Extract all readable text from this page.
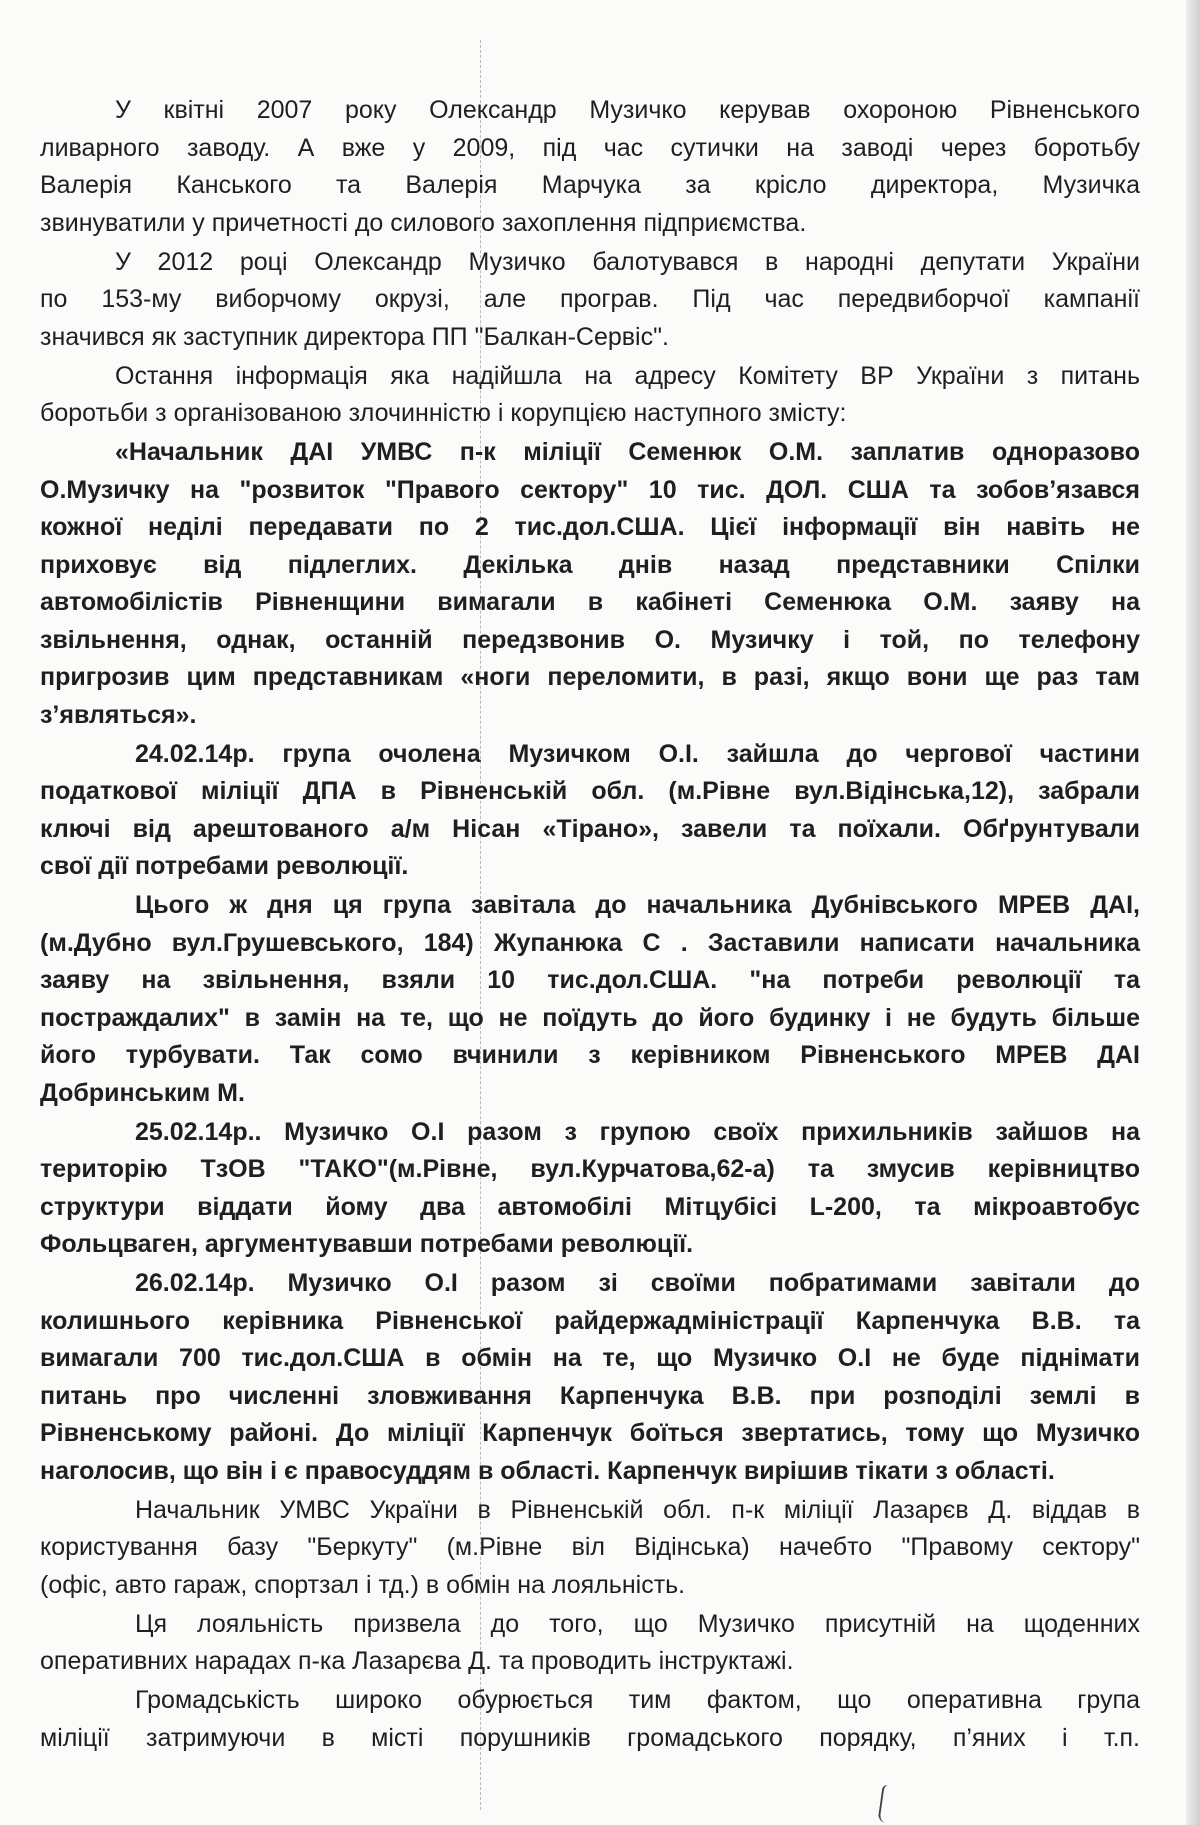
У квітні 2007 року Олександр Музичко керував охороною Рівненського
ливарного заводу. А вже у 2009, під час сутички на заводі через боротьбу
Валерія Канського та Валерія Марчука за крісло директора, Музичка
звинуватили у причетності до силового захоплення підприємства.
У 2012 році Олександр Музичко балотувався в народні депутати України
по 153-му виборчому окрузі, але програв. Під час передвиборчої кампанії
значився як заступник директора ПП "Балкан-Сервіс".
Остання інформація яка надійшла на адресу Комітету ВР України з питань
боротьби з організованою злочинністю і корупцією наступного змісту:
«Начальник ДАІ УМВС п-к міліції Семенюк О.М. заплатив одноразово
О.Музичку на "розвиток "Правого сектору" 10 тис. ДОЛ. США та зобов’язався
кожної неділі передавати по 2 тис.дол.США. Цієї інформації він навіть не
приховує від підлеглих. Декілька днів назад представники Спілки
автомобілістів Рівненщини вимагали в кабінеті Семенюка О.М. заяву на
звільнення, однак, останній передзвонив О. Музичку і той, по телефону
пригрозив цим представникам «ноги переломити, в разі, якщо вони ще раз там
з’являться».
24.02.14р. група очолена Музичком О.І. зайшла до чергової частини
податкової міліції ДПА в Рівненській обл. (м.Рівне вул.Відінська,12), забрали
ключі від арештованого а/м Нісан «Тірано», завели та поїхали. Обґрунтували
свої дії потребами революції.
Цього ж дня ця група завітала до начальника Дубнівського МРЕВ ДАІ,
(м.Дубно вул.Грушевського, 184) Жупанюка С . Заставили написати начальника
заяву на звільнення, взяли 10 тис.дол.США. "на потреби революції та
постраждалих" в замін на те, що не поїдуть до його будинку і не будуть більше
його турбувати. Так сомо вчинили з керівником Рівненського МРЕВ ДАІ
Добринським М.
25.02.14р.. Музичко О.І разом з групою своїх прихильників зайшов на
територію ТзОВ "ТАКО"(м.Рівне, вул.Курчатова,62-а) та змусив керівництво
структури віддати йому два автомобілі Мітцубісі L-200, та мікроавтобус
Фольцваген, аргументувавши потребами революції.
26.02.14р. Музичко О.І разом зі своїми побратимами завітали до
колишнього керівника Рівненської райдержадміністрації Карпенчука В.В. та
вимагали 700 тис.дол.США в обмін на те, що Музичко О.І не буде піднімати
питань про численні зловживання Карпенчука В.В. при розподілі землі в
Рівненському районі. До міліції Карпенчук боїться звертатись, тому що Музичко
наголосив, що він і є правосуддям в області. Карпенчук вирішив тікати з області.
Начальник УМВС України в Рівненській обл. п-к міліції Лазарєв Д. віддав в
користування базу "Беркуту" (м.Рівне віл Відінська) начебто "Правому сектору"
(офіс, авто гараж, спортзал і тд.) в обмін на лояльність.
Ця лояльність призвела до того, що Музичко присутній на щоденних
оперативних нарадах п-ка Лазарєва Д. та проводить інструктажі.
Громадськість широко обурюється тим фактом, що оперативна група
міліції затримуючи в місті порушників громадського порядку, п’яних і т.п.
